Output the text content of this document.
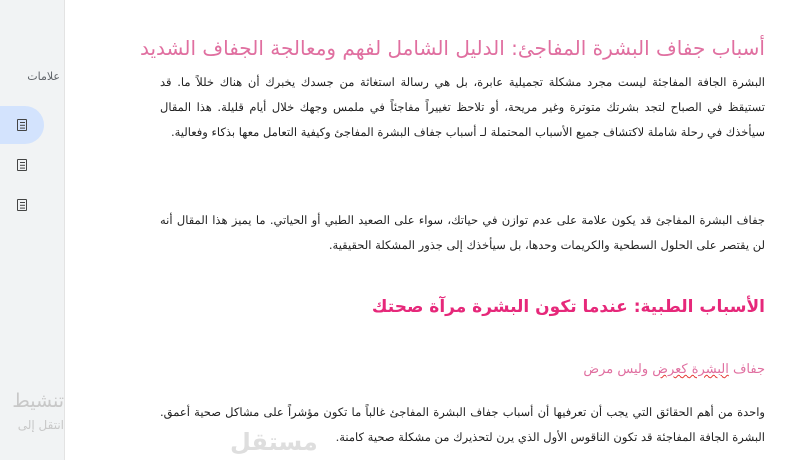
علامات
تنشيط
انتقل إلى
أسباب جفاف البشرة المفاجئ: الدليل الشامل لفهم ومعالجة الجفاف الشديد

البشرة الجافة المفاجئة ليست مجرد مشكلة تجميلية عابرة، بل هي رسالة استغاثة من جسدك يخبرك أن هناك خللاً ما. قد تستيقظ في الصباح لتجد بشرتك متوترة وغير مريحة، أو تلاحظ تغييراً مفاجئاً في ملمس وجهك خلال أيام قليلة. هذا المقال سيأخذك في رحلة شاملة لاكتشاف جميع الأسباب المحتملة لـ أسباب جفاف البشرة المفاجئ وكيفية التعامل معها بذكاء وفعالية.

جفاف البشرة المفاجئ قد يكون علامة على عدم توازن في حياتك، سواء على الصعيد الطبي أو الحياتي. ما يميز هذا المقال أنه لن يقتصر على الحلول السطحية والكريمات وحدها، بل سيأخذك إلى جذور المشكلة الحقيقية.

الأسباب الطبية: عندما تكون البشرة مرآة صحتك
جفاف البشرة كعرض وليس مرض

واحدة من أهم الحقائق التي يجب أن تعرفيها أن أسباب جفاف البشرة المفاجئ غالباً ما تكون مؤشراً على مشاكل صحية أعمق. البشرة الجافة المفاجئة قد تكون الناقوس الأول الذي يرن لتحذيرك من مشكلة صحية كامنة.

مستقل
